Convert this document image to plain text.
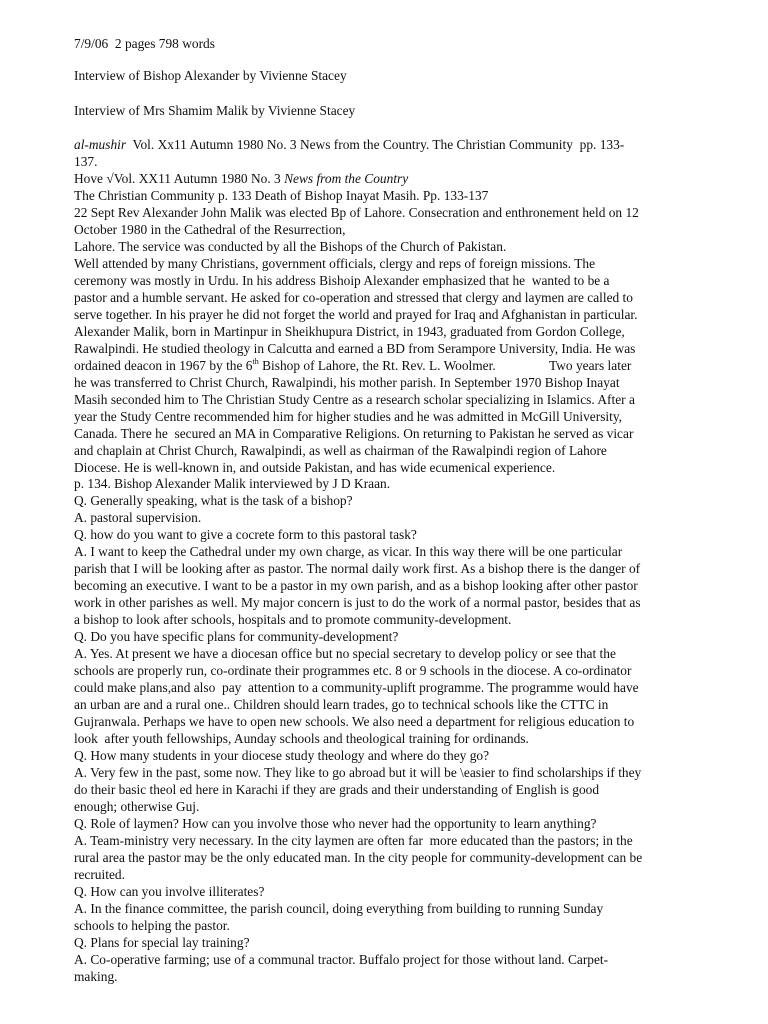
7/9/06  2 pages 798 words
Interview of Bishop Alexander by Vivienne Stacey
Interview of Mrs Shamim Malik by Vivienne Stacey
al-mushir  Vol. Xx11 Autumn 1980 No. 3 News from the Country. The Christian Community  pp. 133-
137.
Hove √Vol. XX11 Autumn 1980 No. 3 News from the Country
The Christian Community p. 133 Death of Bishop Inayat Masih. Pp. 133-137
22 Sept Rev Alexander John Malik was elected Bp of Lahore. Consecration and enthronement held on 12
October 1980 in the Cathedral of the Resurrection,
Lahore. The service was conducted by all the Bishops of the Church of Pakistan.
Well attended by many Christians, government officials, clergy and reps of foreign missions. The
ceremony was mostly in Urdu. In his address Bishoip Alexander emphasized that he  wanted to be a
pastor and a humble servant. He asked for co-operation and stressed that clergy and laymen are called to
serve together. In his prayer he did not forget the world and prayed for Iraq and Afghanistan in particular.
Alexander Malik, born in Martinpur in Sheikhupura District, in 1943, graduated from Gordon College,
Rawalpindi. He studied theology in Calcutta and earned a BD from Serampore University, India. He was
ordained deacon in 1967 by the 6th Bishop of Lahore, the Rt. Rev. L. Woolmer.                Two years later
he was transferred to Christ Church, Rawalpindi, his mother parish. In September 1970 Bishop Inayat
Masih seconded him to The Christian Study Centre as a research scholar specializing in Islamics. After a
year the Study Centre recommended him for higher studies and he was admitted in McGill University,
Canada. There he  secured an MA in Comparative Religions. On returning to Pakistan he served as vicar
and chaplain at Christ Church, Rawalpindi, as well as chairman of the Rawalpindi region of Lahore
Diocese. He is well-known in, and outside Pakistan, and has wide ecumenical experience.
p. 134. Bishop Alexander Malik interviewed by J D Kraan.
Q. Generally speaking, what is the task of a bishop?
A. pastoral supervision.
Q. how do you want to give a cocrete form to this pastoral task?
A. I want to keep the Cathedral under my own charge, as vicar. In this way there will be one particular
parish that I will be looking after as pastor. The normal daily work first. As a bishop there is the danger of
becoming an executive. I want to be a pastor in my own parish, and as a bishop looking after other pastor
work in other parishes as well. My major concern is just to do the work of a normal pastor, besides that as
a bishop to look after schools, hospitals and to promote community-development.
Q. Do you have specific plans for community-development?
A. Yes. At present we have a diocesan office but no special secretary to develop policy or see that the
schools are properly run, co-ordinate their programmes etc. 8 or 9 schools in the diocese. A co-ordinator
could make plans,and also  pay  attention to a community-uplift programme. The programme would have
an urban are and a rural one.. Children should learn trades, go to technical schools like the CTTC in
Gujranwala. Perhaps we have to open new schools. We also need a department for religious education to
look  after youth fellowships, Aunday schools and theological training for ordinands.
Q. How many students in your diocese study theology and where do they go?
A. Very few in the past, some now. They like to go abroad but it will be \easier to find scholarships if they
do their basic theol ed here in Karachi if they are grads and their understanding of English is good
enough; otherwise Guj.
Q. Role of laymen? How can you involve those who never had the opportunity to learn anything?
A. Team-ministry very necessary. In the city laymen are often far  more educated than the pastors; in the
rural area the pastor may be the only educated man. In the city people for community-development can be
recruited.
Q. How can you involve illiterates?
A. In the finance committee, the parish council, doing everything from building to running Sunday
schools to helping the pastor.
Q. Plans for special lay training?
A. Co-operative farming; use of a communal tractor. Buffalo project for those without land. Carpet-
making.
